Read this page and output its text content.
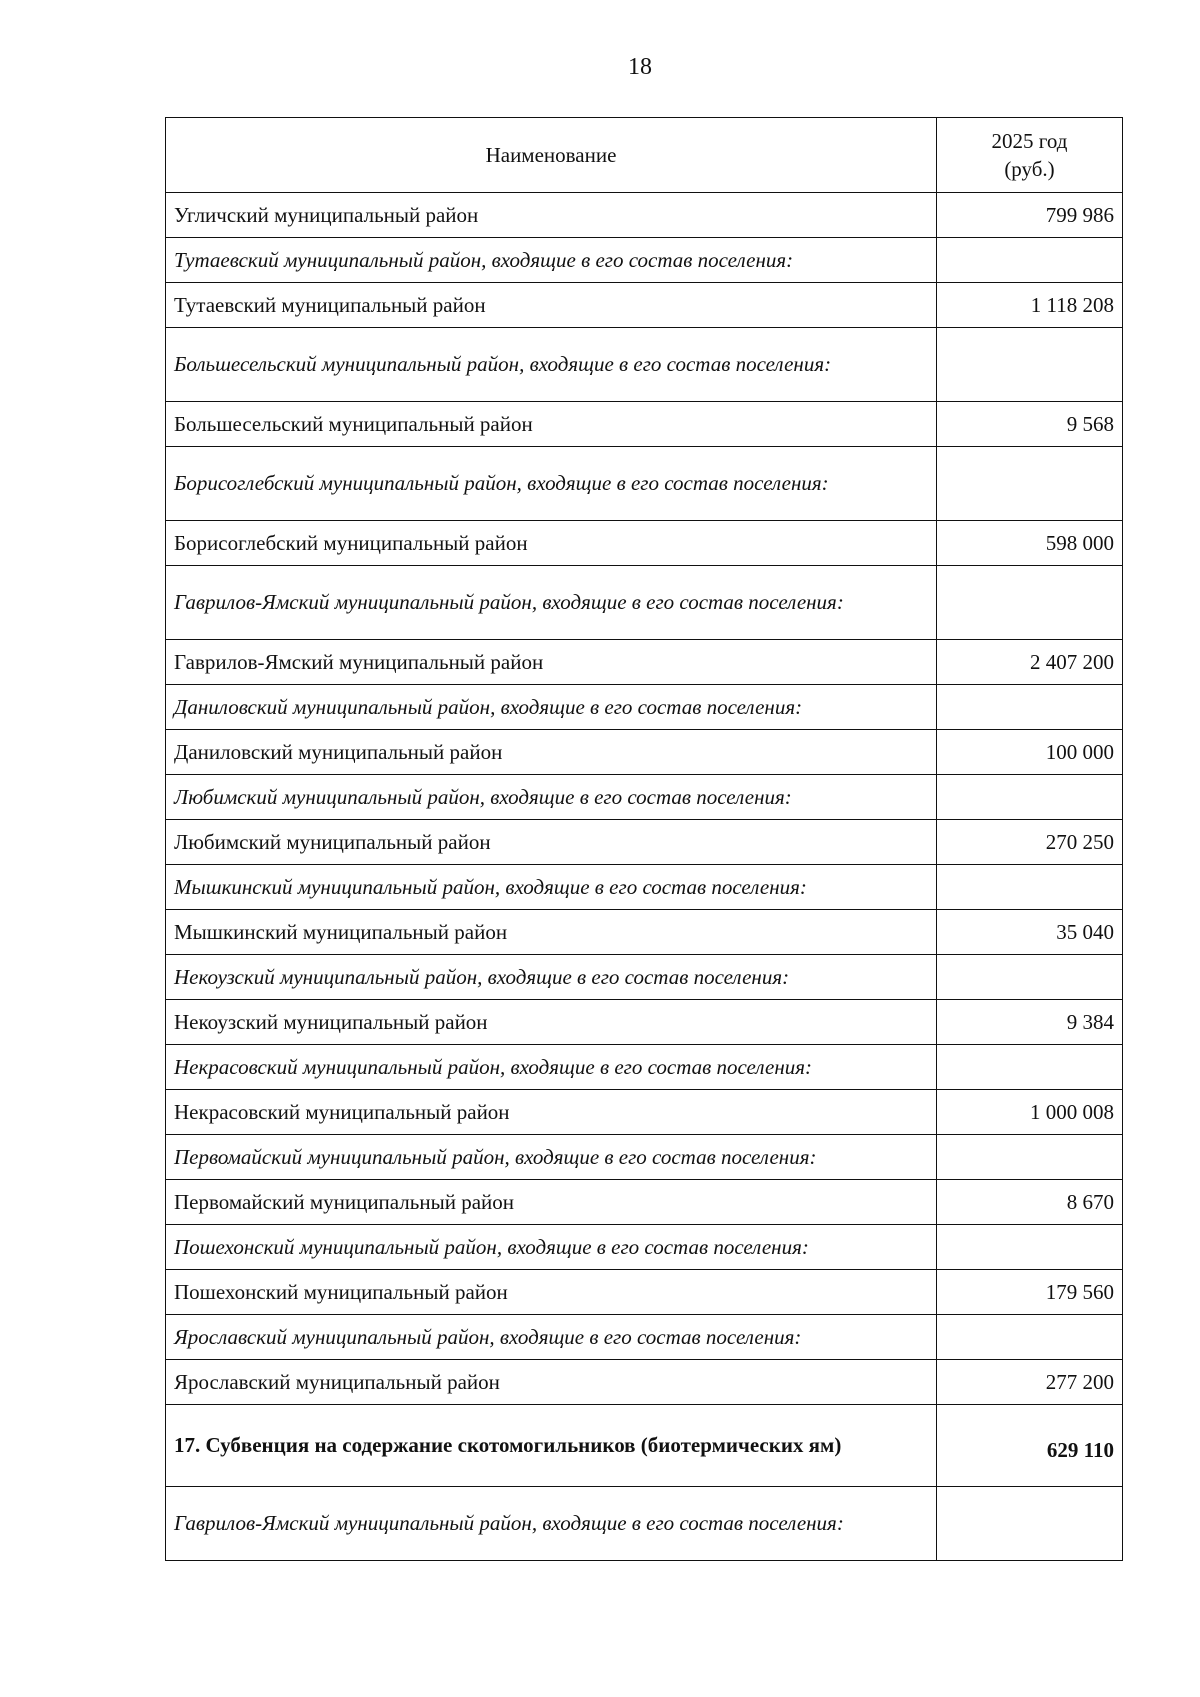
18
Наименование	2025 год
(руб.)
Угличский муниципальный район	799 986
Тутаевский муниципальный район, входящие в его состав поселения:	
Тутаевский муниципальный район	1 118 208
Большесельский муниципальный район, входящие в его состав поселения:	
Большесельский муниципальный район	9 568
Борисоглебский муниципальный район, входящие в его состав поселения:	
Борисоглебский муниципальный район	598 000
Гаврилов-Ямский муниципальный район, входящие в его состав поселения:	
Гаврилов-Ямский муниципальный район	2 407 200
Даниловский муниципальный район, входящие в его состав поселения:	
Даниловский муниципальный район	100 000
Любимский муниципальный район, входящие в его состав поселения:	
Любимский муниципальный район	270 250
Мышкинский муниципальный район, входящие в его состав поселения:	
Мышкинский муниципальный район	35 040
Некоузский муниципальный район, входящие в его состав поселения:	
Некоузский муниципальный район	9 384
Некрасовский муниципальный район, входящие в его состав поселения:	
Некрасовский муниципальный район	1 000 008
Первомайский муниципальный район, входящие в его состав поселения:	
Первомайский муниципальный район	8 670
Пошехонский муниципальный район, входящие в его состав поселения:	
Пошехонский муниципальный район	179 560
Ярославский муниципальный район, входящие в его состав поселения:	
Ярославский муниципальный район	277 200
17. Субвенция на содержание скотомогильников (биотермических ям)	629 110
Гаврилов-Ямский муниципальный район, входящие в его состав поселения:	
